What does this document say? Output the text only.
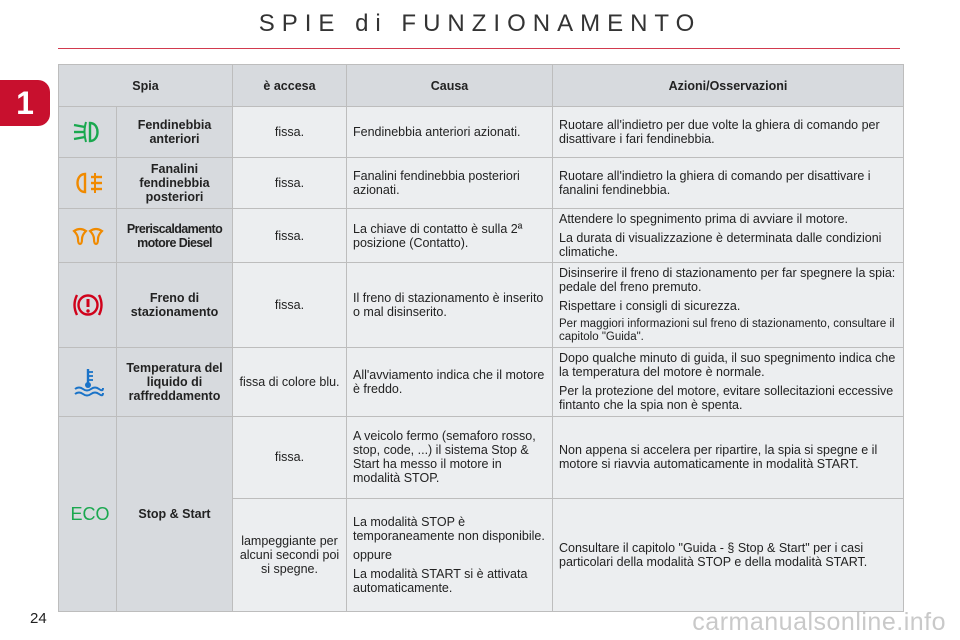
SPIE di FUNZIONAMENTO
1	Spia		è accesa	Causa	Azioni/Osservazioni

	Fendinebbia anteriori	fissa.	Fendinebbia anteriori azionati.	Ruotare all'indietro per due volte la ghiera di comando per disattivare i fari fendinebbia.

	Fanalini fendinebbia posteriori	fissa.	Fanalini fendinebbia posteriori azionati.	Ruotare all'indietro la ghiera di comando per disattivare i fanalini fendinebbia.

	Preriscaldamento motore Diesel	fissa.	La chiave di contatto è sulla 2ª posizione (Contatto).	Attendere lo spegnimento prima di avviare il motore.

La durata di visualizzazione è determinata dalle condizioni climatiche.

	Freno di stazionamento	fissa.	Il freno di stazionamento è inserito o mal disinserito.	Disinserire il freno di stazionamento per far spegnere la spia: pedale del freno premuto.

Rispettare i consigli di sicurezza.

Per maggiori informazioni sul freno di stazionamento, consultare il capitolo "Guida".

	Temperatura del liquido di raffreddamento	fissa di colore blu.	All'avviamento indica che il motore è freddo.	Dopo qualche minuto di guida, il suo spegnimento indica che la temperatura del motore è normale.

Per la protezione del motore, evitare sollecitazioni eccessive fintanto che la spia non è spenta.

ECO	Stop & Start	fissa.	A veicolo fermo (semaforo rosso, stop, code, ...) il sistema Stop & Start ha messo il motore in modalità STOP.	Non appena si accelera per ripartire, la spia si spegne e il motore si riavvia automaticamente in modalità START.
		lampeggiante per alcuni secondi poi si spegne.	La modalità STOP è temporaneamente non disponibile.

oppure

La modalità START si è attivata automaticamente.	Consultare il capitolo "Guida - § Stop & Start" per i casi particolari della modalità STOP e della modalità START.
24	carmanualsonline.info
